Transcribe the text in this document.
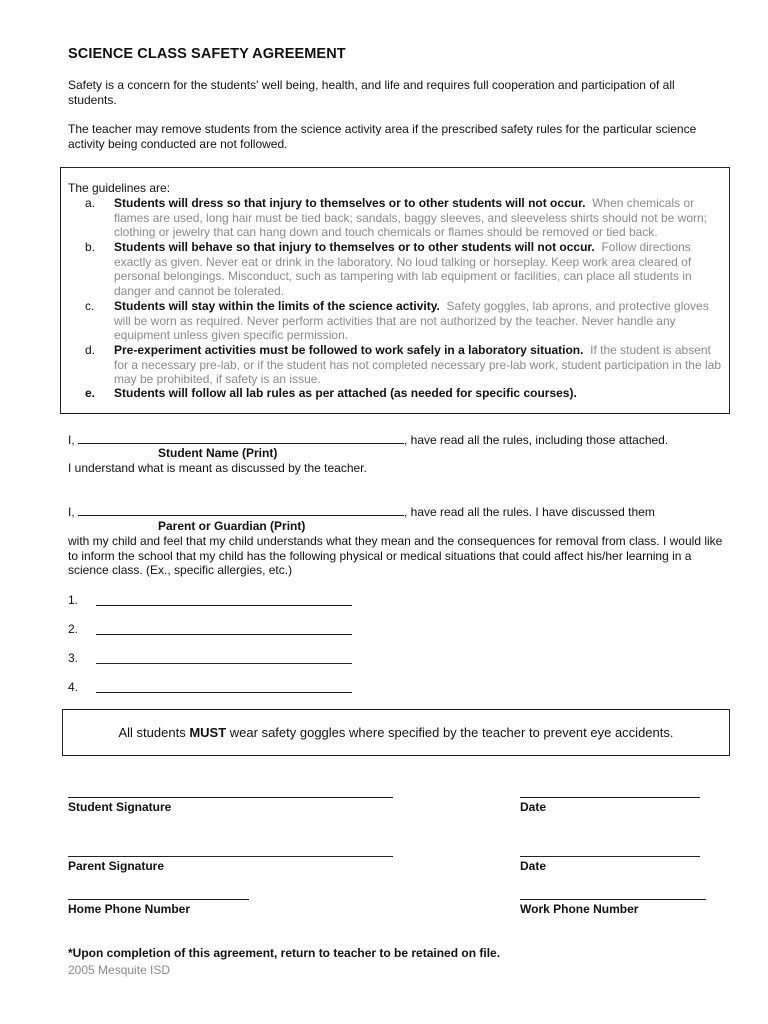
SCIENCE CLASS SAFETY AGREEMENT
Safety is a concern for the students' well being, health, and life and requires full cooperation and participation of all students.
The teacher may remove students from the science activity area if the prescribed safety rules for the particular science activity being conducted are not followed.
The guidelines are:
a.	Students will dress so that injury to themselves or to other students will not occur. When chemicals or flames are used, long hair must be tied back; sandals, baggy sleeves, and sleeveless shirts should not be worn; clothing or jewelry that can hang down and touch chemicals or flames should be removed or tied back.
b.	Students will behave so that injury to themselves or to other students will not occur. Follow directions exactly as given. Never eat or drink in the laboratory. No loud talking or horseplay. Keep work area cleared of personal belongings. Misconduct, such as tampering with lab equipment or facilities, can place all students in danger and cannot be tolerated.
c.	Students will stay within the limits of the science activity. Safety goggles, lab aprons, and protective gloves will be worn as required. Never perform activities that are not authorized by the teacher. Never handle any equipment unless given specific permission.
d.	Pre-experiment activities must be followed to work safely in a laboratory situation. If the student is absent for a necessary pre-lab, or if the student has not completed necessary pre-lab work, student participation in the lab may be prohibited, if safety is an issue.
e.	Students will follow all lab rules as per attached (as needed for specific courses).
I,	, have read all the rules, including those attached.
Student Name (Print)
I understand what is meant as discussed by the teacher.
I,	, have read all the rules. I have discussed them
Parent or Guardian (Print)
with my child and feel that my child understands what they mean and the consequences for removal from class. I would like to inform the school that my child has the following physical or medical situations that could affect his/her learning in a science class. (Ex., specific allergies, etc.)
1.
2.
3.
4.
All students MUST wear safety goggles where specified by the teacher to prevent eye accidents.
Student Signature	Date
Parent Signature	Date
Home Phone Number	Work Phone Number
*Upon completion of this agreement, return to teacher to be retained on file.
2005 Mesquite ISD
